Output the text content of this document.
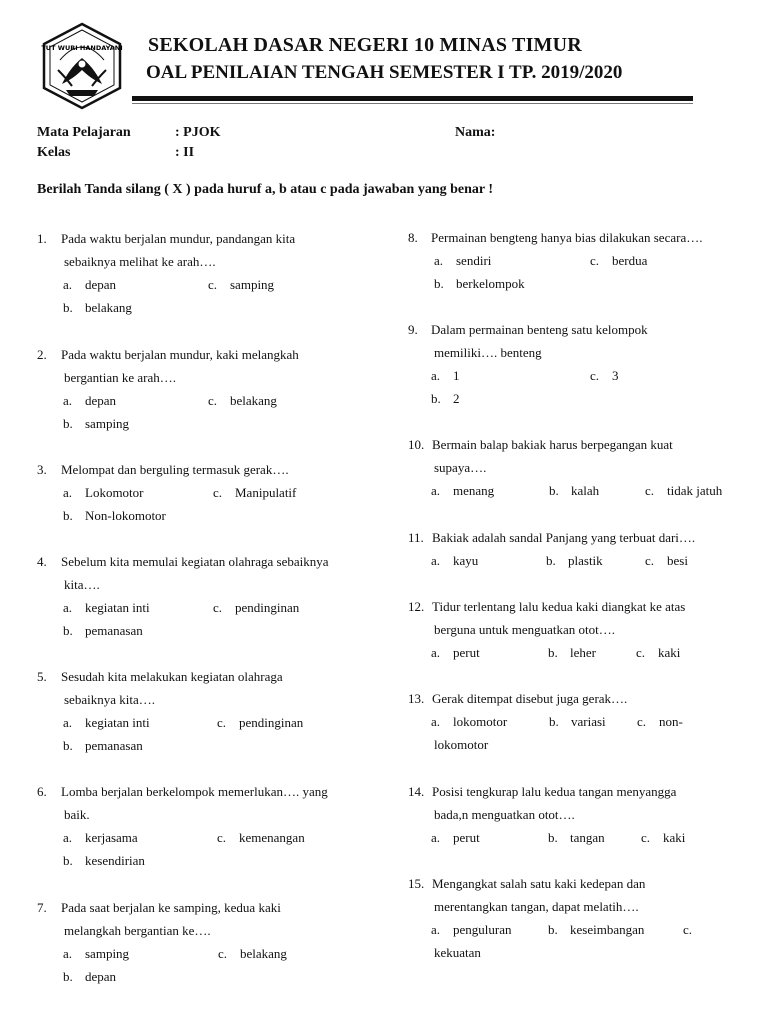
TUT WURI HANDAYANI SEKOLAH DASAR NEGERI 10 MINAS TIMUR
OAL PENILAIAN TENGAH SEMESTER I TP. 2019/2020
Mata Pelajaran	: PJOK	Nama:
Kelas	: II
Berilah Tanda silang ( X ) pada huruf a, b atau c pada jawaban yang benar !
1. Pada waktu berjalan mundur, pandangan kita
sebaiknya melihat ke arah….
a. depan	c. samping
b. belakang
2. Pada waktu berjalan mundur, kaki melangkah
bergantian ke arah….
a. depan	c. belakang
b. samping
3. Melompat dan berguling termasuk gerak….
a. Lokomotor	c. Manipulatif
b. Non-lokomotor
4. Sebelum kita memulai kegiatan olahraga sebaiknya
kita….
a. kegiatan inti	c. pendinginan
b. pemanasan
5. Sesudah kita melakukan kegiatan olahraga
sebaiknya kita….
a. kegiatan inti	c. pendinginan
b. pemanasan
6. Lomba berjalan berkelompok memerlukan…. yang
baik.
a. kerjasama	c. kemenangan
b. kesendirian
7. Pada saat berjalan ke samping, kedua kaki
melangkah bergantian ke….
a. samping	c. belakang
b. depan
8. Permainan bengteng hanya bias dilakukan secara….
a. sendiri	c. berdua
b. berkelompok
9. Dalam permainan benteng satu kelompok
memiliki…. benteng
a. 1	c. 3
b. 2
10. Bermain balap bakiak harus berpegangan kuat
supaya….
a. menang	b. kalah	c. tidak jatuh
11. Bakiak adalah sandal Panjang yang terbuat dari….
a. kayu	b. plastik	c. besi
12. Tidur terlentang lalu kedua kaki diangkat ke atas
berguna untuk menguatkan otot….
a. perut	b. leher	c. kaki
13. Gerak ditempat disebut juga gerak….
a. lokomotor	b. variasi c. non-
lokomotor
14. Posisi tengkurap lalu kedua tangan menyangga
bada,n menguatkan otot….
a. perut	b. tangan	c. kaki
15. Mengangkat salah satu kaki kedepan dan
merentangkan tangan, dapat melatih….
a. penguluran	b. keseimbangan	c.
kekuatan
